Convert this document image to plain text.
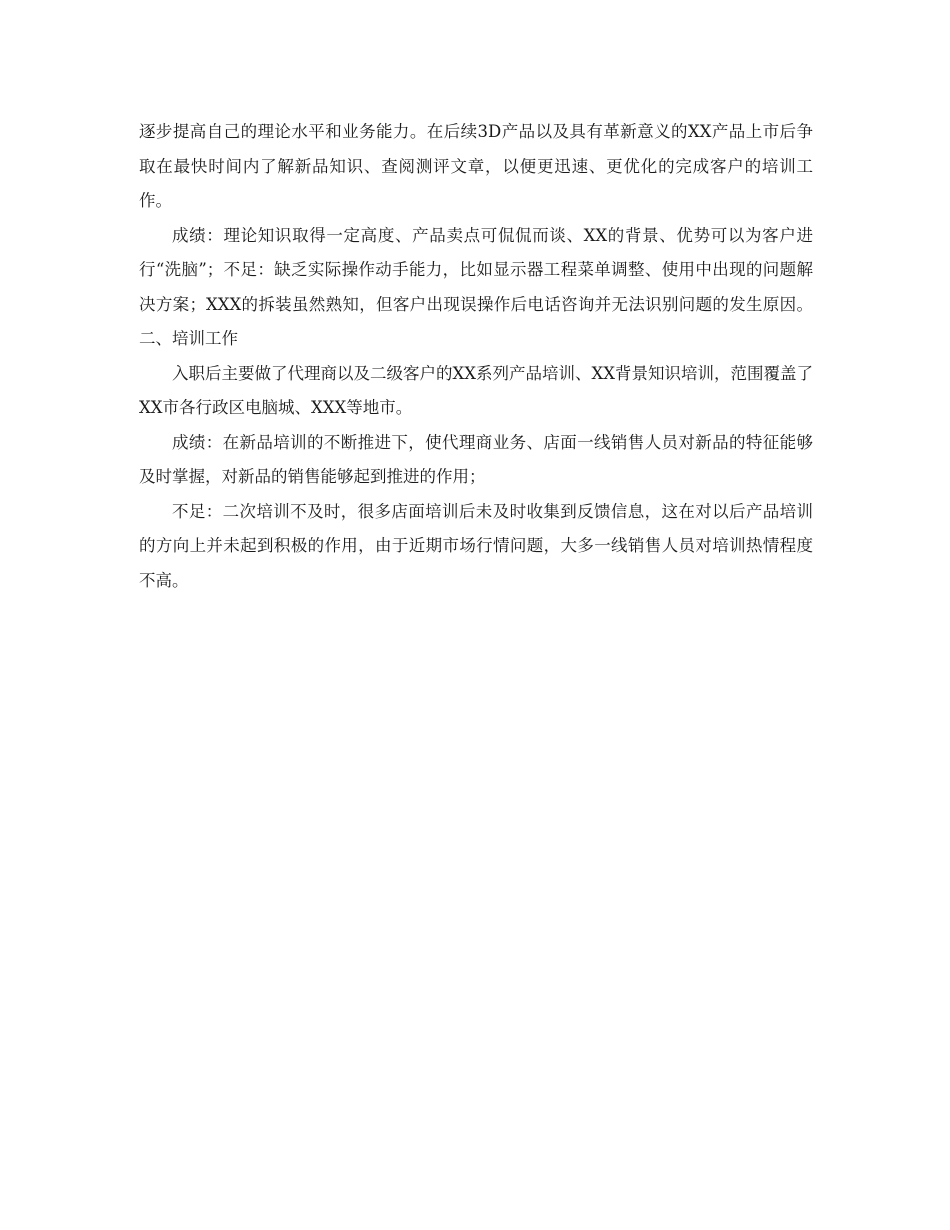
逐步提高自己的理论水平和业务能力。在后续3D产品以及具有革新意义的XX产品上市后争取在最快时间内了解新品知识、查阅测评文章，以便更迅速、更优化的完成客户的培训工作。

成绩：理论知识取得一定高度、产品卖点可侃侃而谈、XX的背景、优势可以为客户进行“洗脑”；不足：缺乏实际操作动手能力，比如显示器工程菜单调整、使用中出现的问题解决方案；XXX的拆装虽然熟知，但客户出现误操作后电话咨询并无法识别问题的发生原因。二、培训工作

入职后主要做了代理商以及二级客户的XX系列产品培训、XX背景知识培训，范围覆盖了XX市各行政区电脑城、XXX等地市。

成绩：在新品培训的不断推进下，使代理商业务、店面一线销售人员对新品的特征能够及时掌握，对新品的销售能够起到推进的作用；

不足：二次培训不及时，很多店面培训后未及时收集到反馈信息，这在对以后产品培训的方向上并未起到积极的作用，由于近期市场行情问题，大多一线销售人员对培训热情程度不高。
